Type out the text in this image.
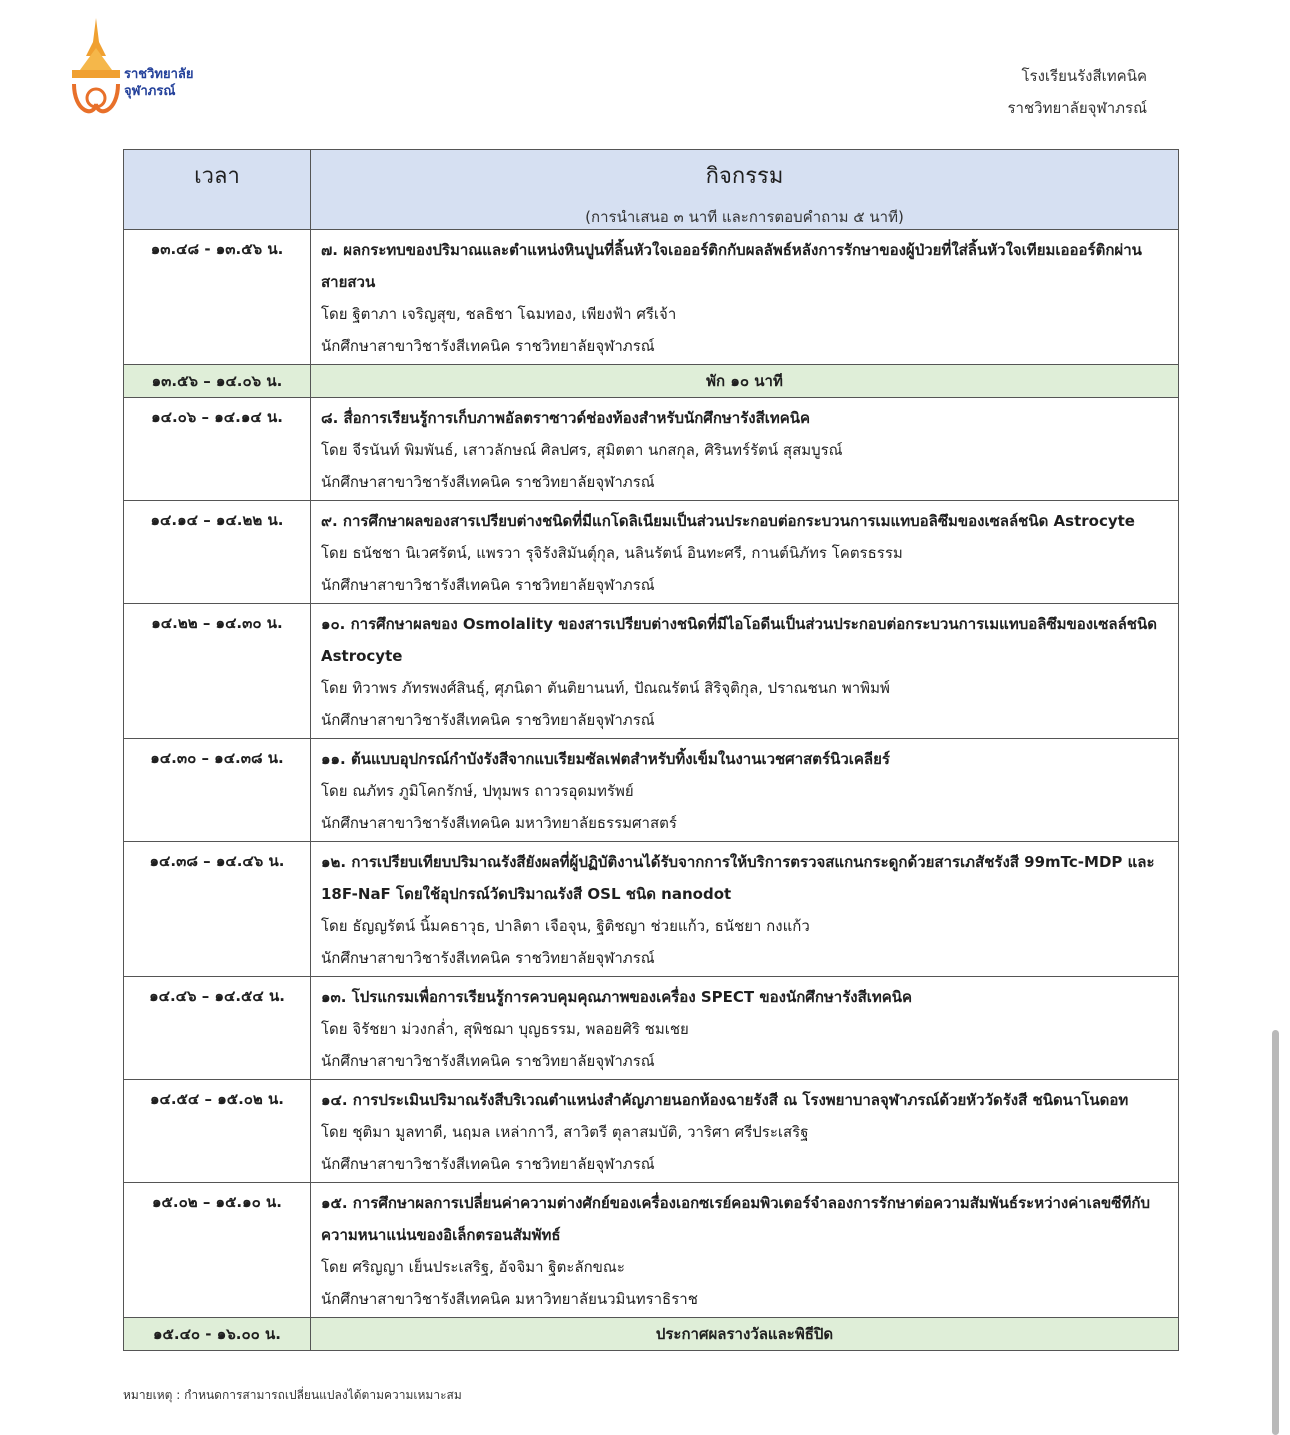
ราชวิทยาลัย
จุฬาภรณ์
โรงเรียนรังสีเทคนิค
ราชวิทยาลัยจุฬาภรณ์
เวลา	กิจกรรม
(การนำเสนอ ๓ นาที และการตอบคำถาม ๕ นาที)

๑๓.๔๘ - ๑๓.๕๖ น.	๗. ผลกระทบของปริมาณและตำแหน่งหินปูนที่ลิ้นหัวใจเอออร์ติกกับผลลัพธ์หลังการรักษาของผู้ป่วยที่ใส่ลิ้นหัวใจเทียมเอออร์ติกผ่านสายสวน
โดย ฐิตาภา เจริญสุข, ชลธิชา โฉมทอง, เพียงฟ้า ศรีเจ้า
นักศึกษาสาขาวิชารังสีเทคนิค ราชวิทยาลัยจุฬาภรณ์

๑๓.๕๖ – ๑๔.๐๖ น.	พัก ๑๐ นาที
๑๔.๐๖ – ๑๔.๑๔ น.	๘. สื่อการเรียนรู้การเก็บภาพอัลตราซาวด์ช่องท้องสำหรับนักศึกษารังสีเทคนิค
โดย จีรนันท์ พิมพันธ์, เสาวลักษณ์ ศิลปศร, สุมิตตา นกสกุล, ศิรินทร์รัตน์ สุสมบูรณ์
นักศึกษาสาขาวิชารังสีเทคนิค ราชวิทยาลัยจุฬาภรณ์

๑๔.๑๔ – ๑๔.๒๒ น.	๙. การศึกษาผลของสารเปรียบต่างชนิดที่มีแกโดลิเนียมเป็นส่วนประกอบต่อกระบวนการเมแทบอลิซึมของเซลล์ชนิด Astrocyte
โดย ธนัชชา นิเวศรัตน์, แพรวา รุจิรังสิมันตุ์กุล, นลินรัตน์ อินทะศรี, กานต์นิภัทร โคตรธรรม
นักศึกษาสาขาวิชารังสีเทคนิค ราชวิทยาลัยจุฬาภรณ์

๑๔.๒๒ – ๑๔.๓๐ น.	๑๐. การศึกษาผลของ Osmolality ของสารเปรียบต่างชนิดที่มีไอโอดีนเป็นส่วนประกอบต่อกระบวนการเมแทบอลิซึมของเซลล์ชนิด Astrocyte
โดย ทิวาพร ภัทรพงศ์สินธุ์, ศุภนิดา ตันติยานนท์, ปัณณรัตน์ สิริจุติกุล, ปราณชนก พาพิมพ์
นักศึกษาสาขาวิชารังสีเทคนิค ราชวิทยาลัยจุฬาภรณ์

๑๔.๓๐ – ๑๔.๓๘ น.	๑๑. ต้นแบบอุปกรณ์กำบังรังสีจากแบเรียมซัลเฟตสำหรับทิ้งเข็มในงานเวชศาสตร์นิวเคลียร์
โดย ณภัทร ภูมิโคกรักษ์, ปทุมพร ถาวรอุดมทรัพย์
นักศึกษาสาขาวิชารังสีเทคนิค มหาวิทยาลัยธรรมศาสตร์

๑๔.๓๘ – ๑๔.๔๖ น.	๑๒. การเปรียบเทียบปริมาณรังสียังผลที่ผู้ปฏิบัติงานได้รับจากการให้บริการตรวจสแกนกระดูกด้วยสารเภสัชรังสี 99mTc-MDP และ 18F-NaF โดยใช้อุปกรณ์วัดปริมาณรังสี OSL ชนิด nanodot
โดย ธัญญรัตน์ นิ้มคธาวุธ, ปาลิตา เจือจุน, ฐิติชญา ช่วยแก้ว, ธนัชยา กงแก้ว
นักศึกษาสาขาวิชารังสีเทคนิค ราชวิทยาลัยจุฬาภรณ์

๑๔.๔๖ – ๑๔.๕๔ น.	๑๓. โปรแกรมเพื่อการเรียนรู้การควบคุมคุณภาพของเครื่อง SPECT ของนักศึกษารังสีเทคนิค
โดย จิรัชยา ม่วงกล่ำ, สุพิชฌา บุญธรรม, พลอยศิริ ชมเชย
นักศึกษาสาขาวิชารังสีเทคนิค ราชวิทยาลัยจุฬาภรณ์

๑๔.๕๔ – ๑๕.๐๒ น.	๑๔. การประเมินปริมาณรังสีบริเวณตำแหน่งสำคัญภายนอกห้องฉายรังสี ณ โรงพยาบาลจุฬาภรณ์ด้วยหัววัดรังสี ชนิดนาโนดอท
โดย ชุติมา มูลทาดี, นฤมล เหล่ากาวี, สาวิตรี ตุลาสมบัติ, วาริศา ศรีประเสริฐ
นักศึกษาสาขาวิชารังสีเทคนิค ราชวิทยาลัยจุฬาภรณ์

๑๕.๐๒ – ๑๕.๑๐ น.	๑๕. การศึกษาผลการเปลี่ยนค่าความต่างศักย์ของเครื่องเอกซเรย์คอมพิวเตอร์จำลองการรักษาต่อความสัมพันธ์ระหว่างค่าเลขซีทีกับความหนาแน่นของอิเล็กตรอนสัมพัทธ์
โดย ศริญญา เย็นประเสริฐ, อัจจิมา ฐิตะลักขณะ
นักศึกษาสาขาวิชารังสีเทคนิค มหาวิทยาลัยนวมินทราธิราช

๑๕.๔๐ - ๑๖.๐๐ น.	ประกาศผลรางวัลและพิธีปิด
หมายเหตุ : กำหนดการสามารถเปลี่ยนแปลงได้ตามความเหมาะสม
